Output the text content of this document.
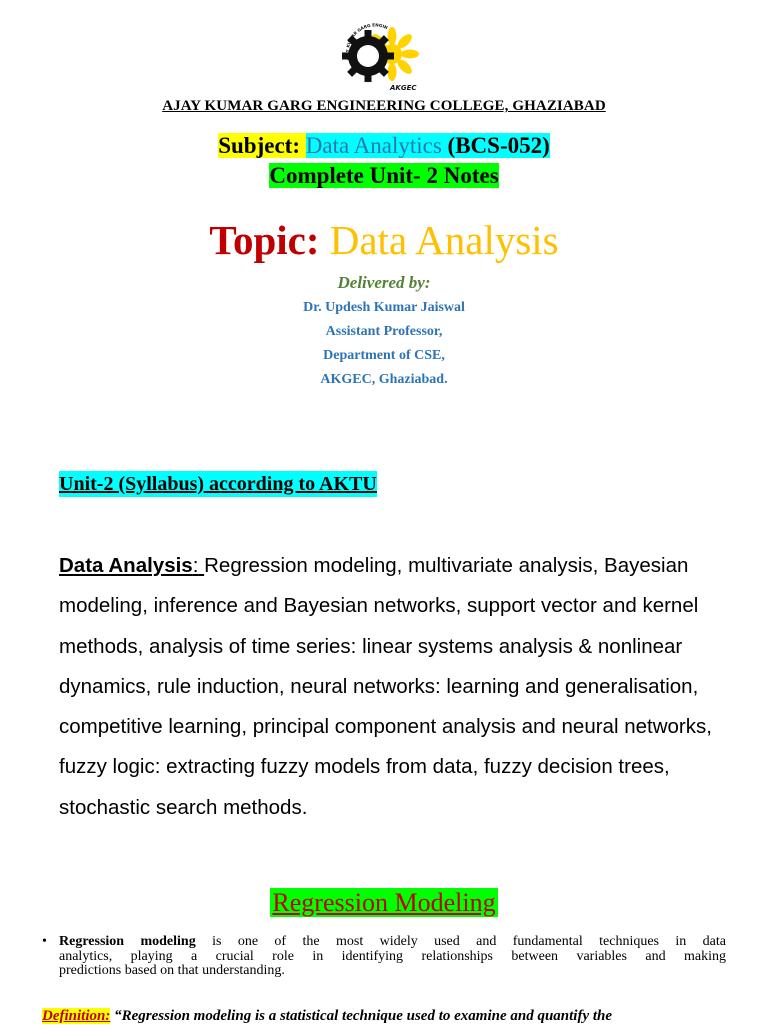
AJAY KUMAR GARG ENGIN
AKGEC
AJAY KUMAR GARG ENGINEERING COLLEGE, GHAZIABAD
Subject: Data Analytics (BCS-052)
Complete Unit- 2 Notes
Topic: Data Analysis
Delivered by:
Dr. Updesh Kumar Jaiswal
Assistant Professor,
Department of CSE,
AKGEC, Ghaziabad.
Unit-2 (Syllabus) according to AKTU
Data Analysis: Regression modeling, multivariate analysis, Bayesian
modeling, inference and Bayesian networks, support vector and kernel
methods, analysis of time series: linear systems analysis & nonlinear
dynamics, rule induction, neural networks: learning and generalisation,
competitive learning, principal component analysis and neural networks,
fuzzy logic: extracting fuzzy models from data, fuzzy decision trees,
stochastic search methods.
Regression Modeling
• Regression modeling is one of the most widely used and fundamental techniques in data
analytics, playing a crucial role in identifying relationships between variables and making
predictions based on that understanding.
Definition: “Regression modeling is a statistical technique used to examine and quantify the
